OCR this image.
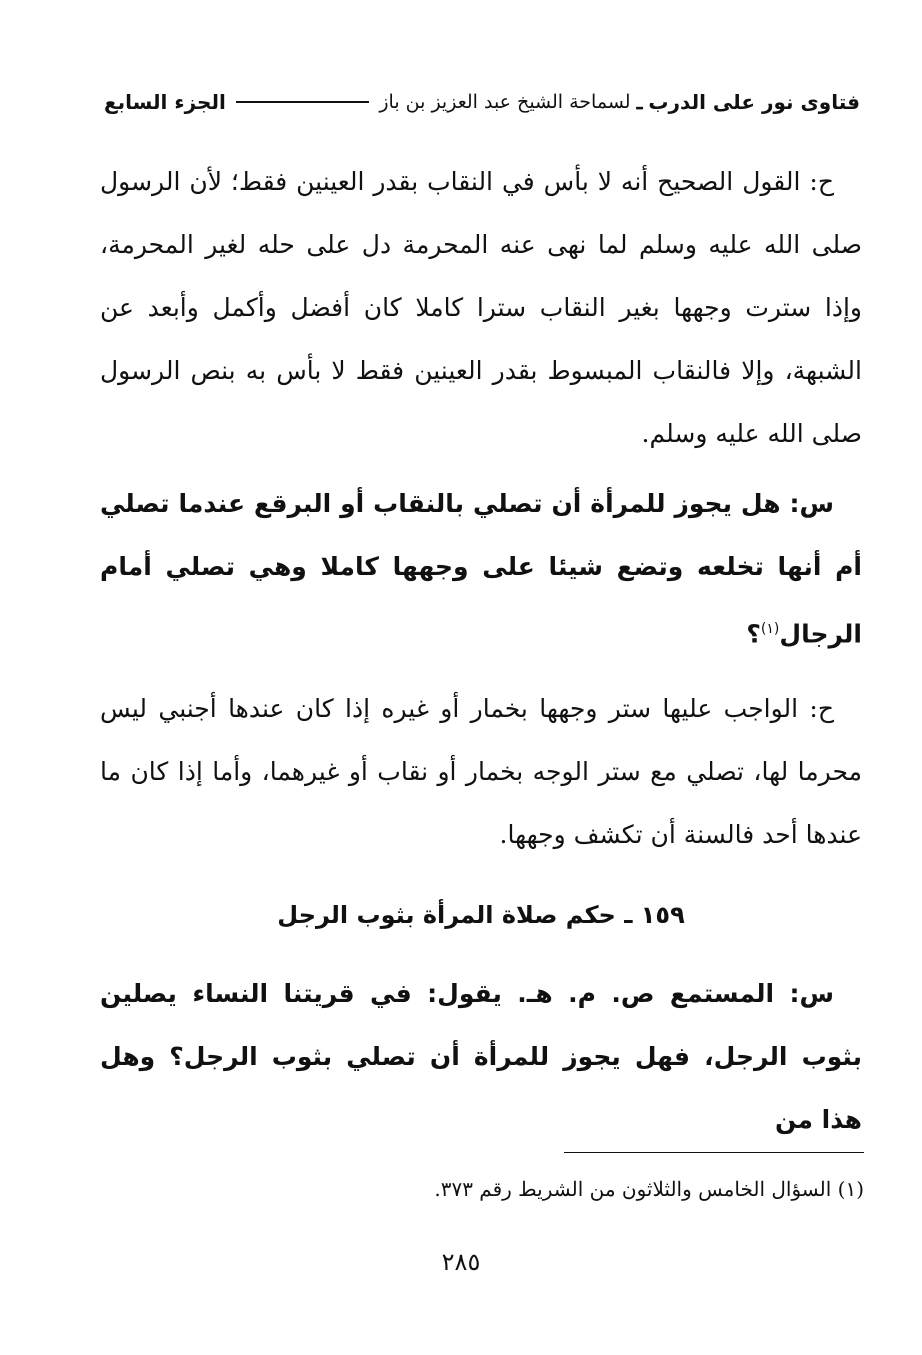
فتاوى نور على الدرب
ـ
لسماحة الشيخ عبد العزيز بن باز
الجزء السابع

ح: القول الصحيح أنه لا بأس في النقاب بقدر العينين فقط؛ لأن الرسول صلى الله عليه وسلم لما نهى عنه المحرمة دل على حله لغير المحرمة، وإذا سترت وجهها بغير النقاب سترا كاملا كان أفضل وأكمل وأبعد عن الشبهة، وإلا فالنقاب المبسوط بقدر العينين فقط لا بأس به بنص الرسول صلى الله عليه وسلم.

س: هل يجوز للمرأة أن تصلي بالنقاب أو البرقع عندما تصلي أم أنها تخلعه وتضع شيئا على وجهها كاملا وهي تصلي أمام الرجال$^{(١)}$؟

ح: الواجب عليها ستر وجهها بخمار أو غيره إذا كان عندها أجنبي ليس محرما لها، تصلي مع ستر الوجه بخمار أو نقاب أو غيرهما، وأما إذا كان ما عندها أحد فالسنة أن تكشف وجهها.

١٥٩ ـ حكم صلاة المرأة بثوب الرجل

س: المستمع ص. م. هـ. يقول: في قريتنا النساء يصلين بثوب الرجل، فهل يجوز للمرأة أن تصلي بثوب الرجل؟ وهل هذا من

(١) السؤال الخامس والثلاثون من الشريط رقم ٣٧٣.
٢٨٥
